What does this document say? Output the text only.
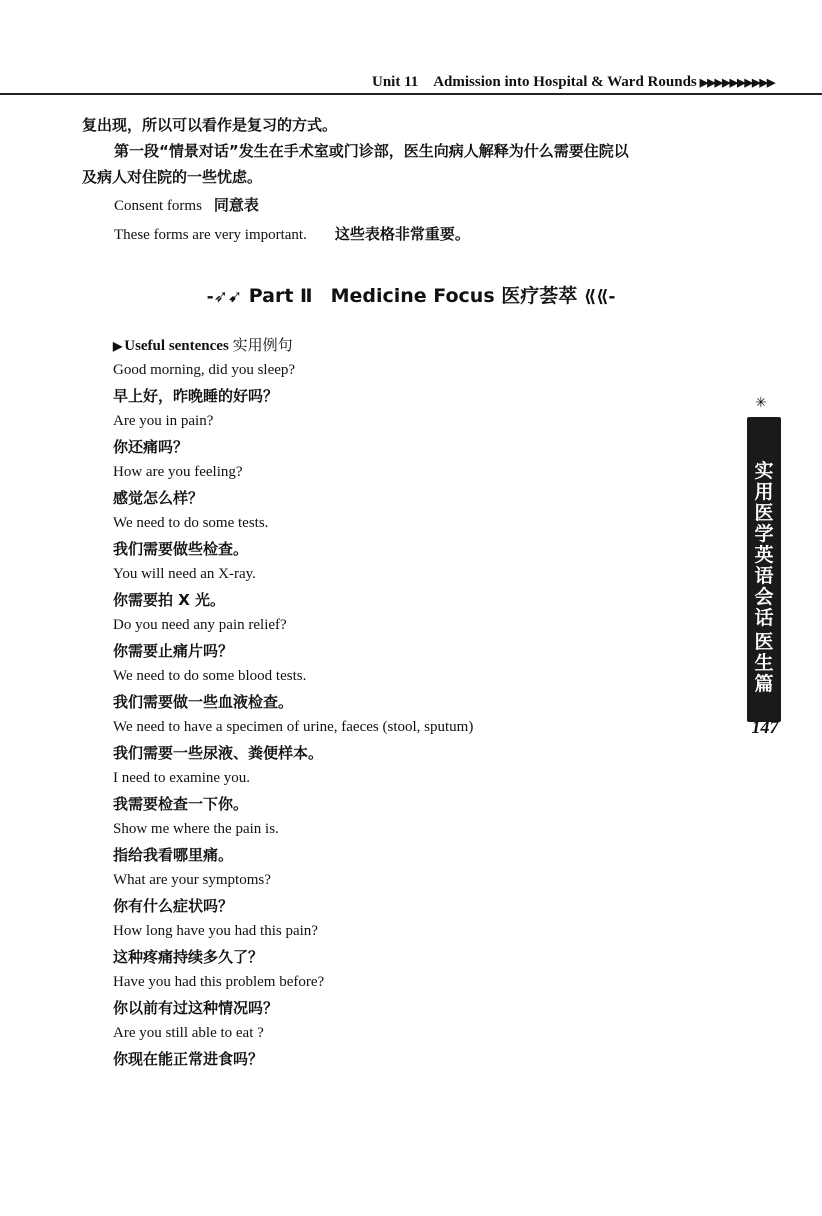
Unit 11 Admission into Hospital & Ward Rounds ▶▶▶▶▶▶▶▶▶▶

复出现，所以可以看作是复习的方式。

第一段“情景对话”发生在手术室或门诊部，医生向病人解释为什么需要住院以

及病人对住院的一些忧虑。

Consent forms 同意表

These forms are very important. 这些表格非常重要。

-➶➹ Part Ⅱ Medicine Focus 医疗荟萃 ⟪⟪-
▶ Useful sentences 实用例句
Good morning, did you sleep?
早上好，昨晚睡的好吗？
Are you in pain?
你还痛吗？
How are you feeling?
感觉怎么样？
We need to do some tests.
我们需要做些检查。
You will need an X-ray.
你需要拍 X 光。
Do you need any pain relief?
你需要止痛片吗？
We need to do some blood tests.
我们需要做一些血液检查。
We need to have a specimen of urine, faeces (stool, sputum)
我们需要一些尿液、粪便样本。
I need to examine you.
我需要检查一下你。
Show me where the pain is.
指给我看哪里痛。
What are your symptoms?
你有什么症状吗？
How long have you had this pain?
这种疼痛持续多久了？
Have you had this problem before?
你以前有过这种情况吗？
Are you still able to eat ?
你现在能正常进食吗？
✳
实
用
医
学
英
语
会
话
医
生
篇
147
